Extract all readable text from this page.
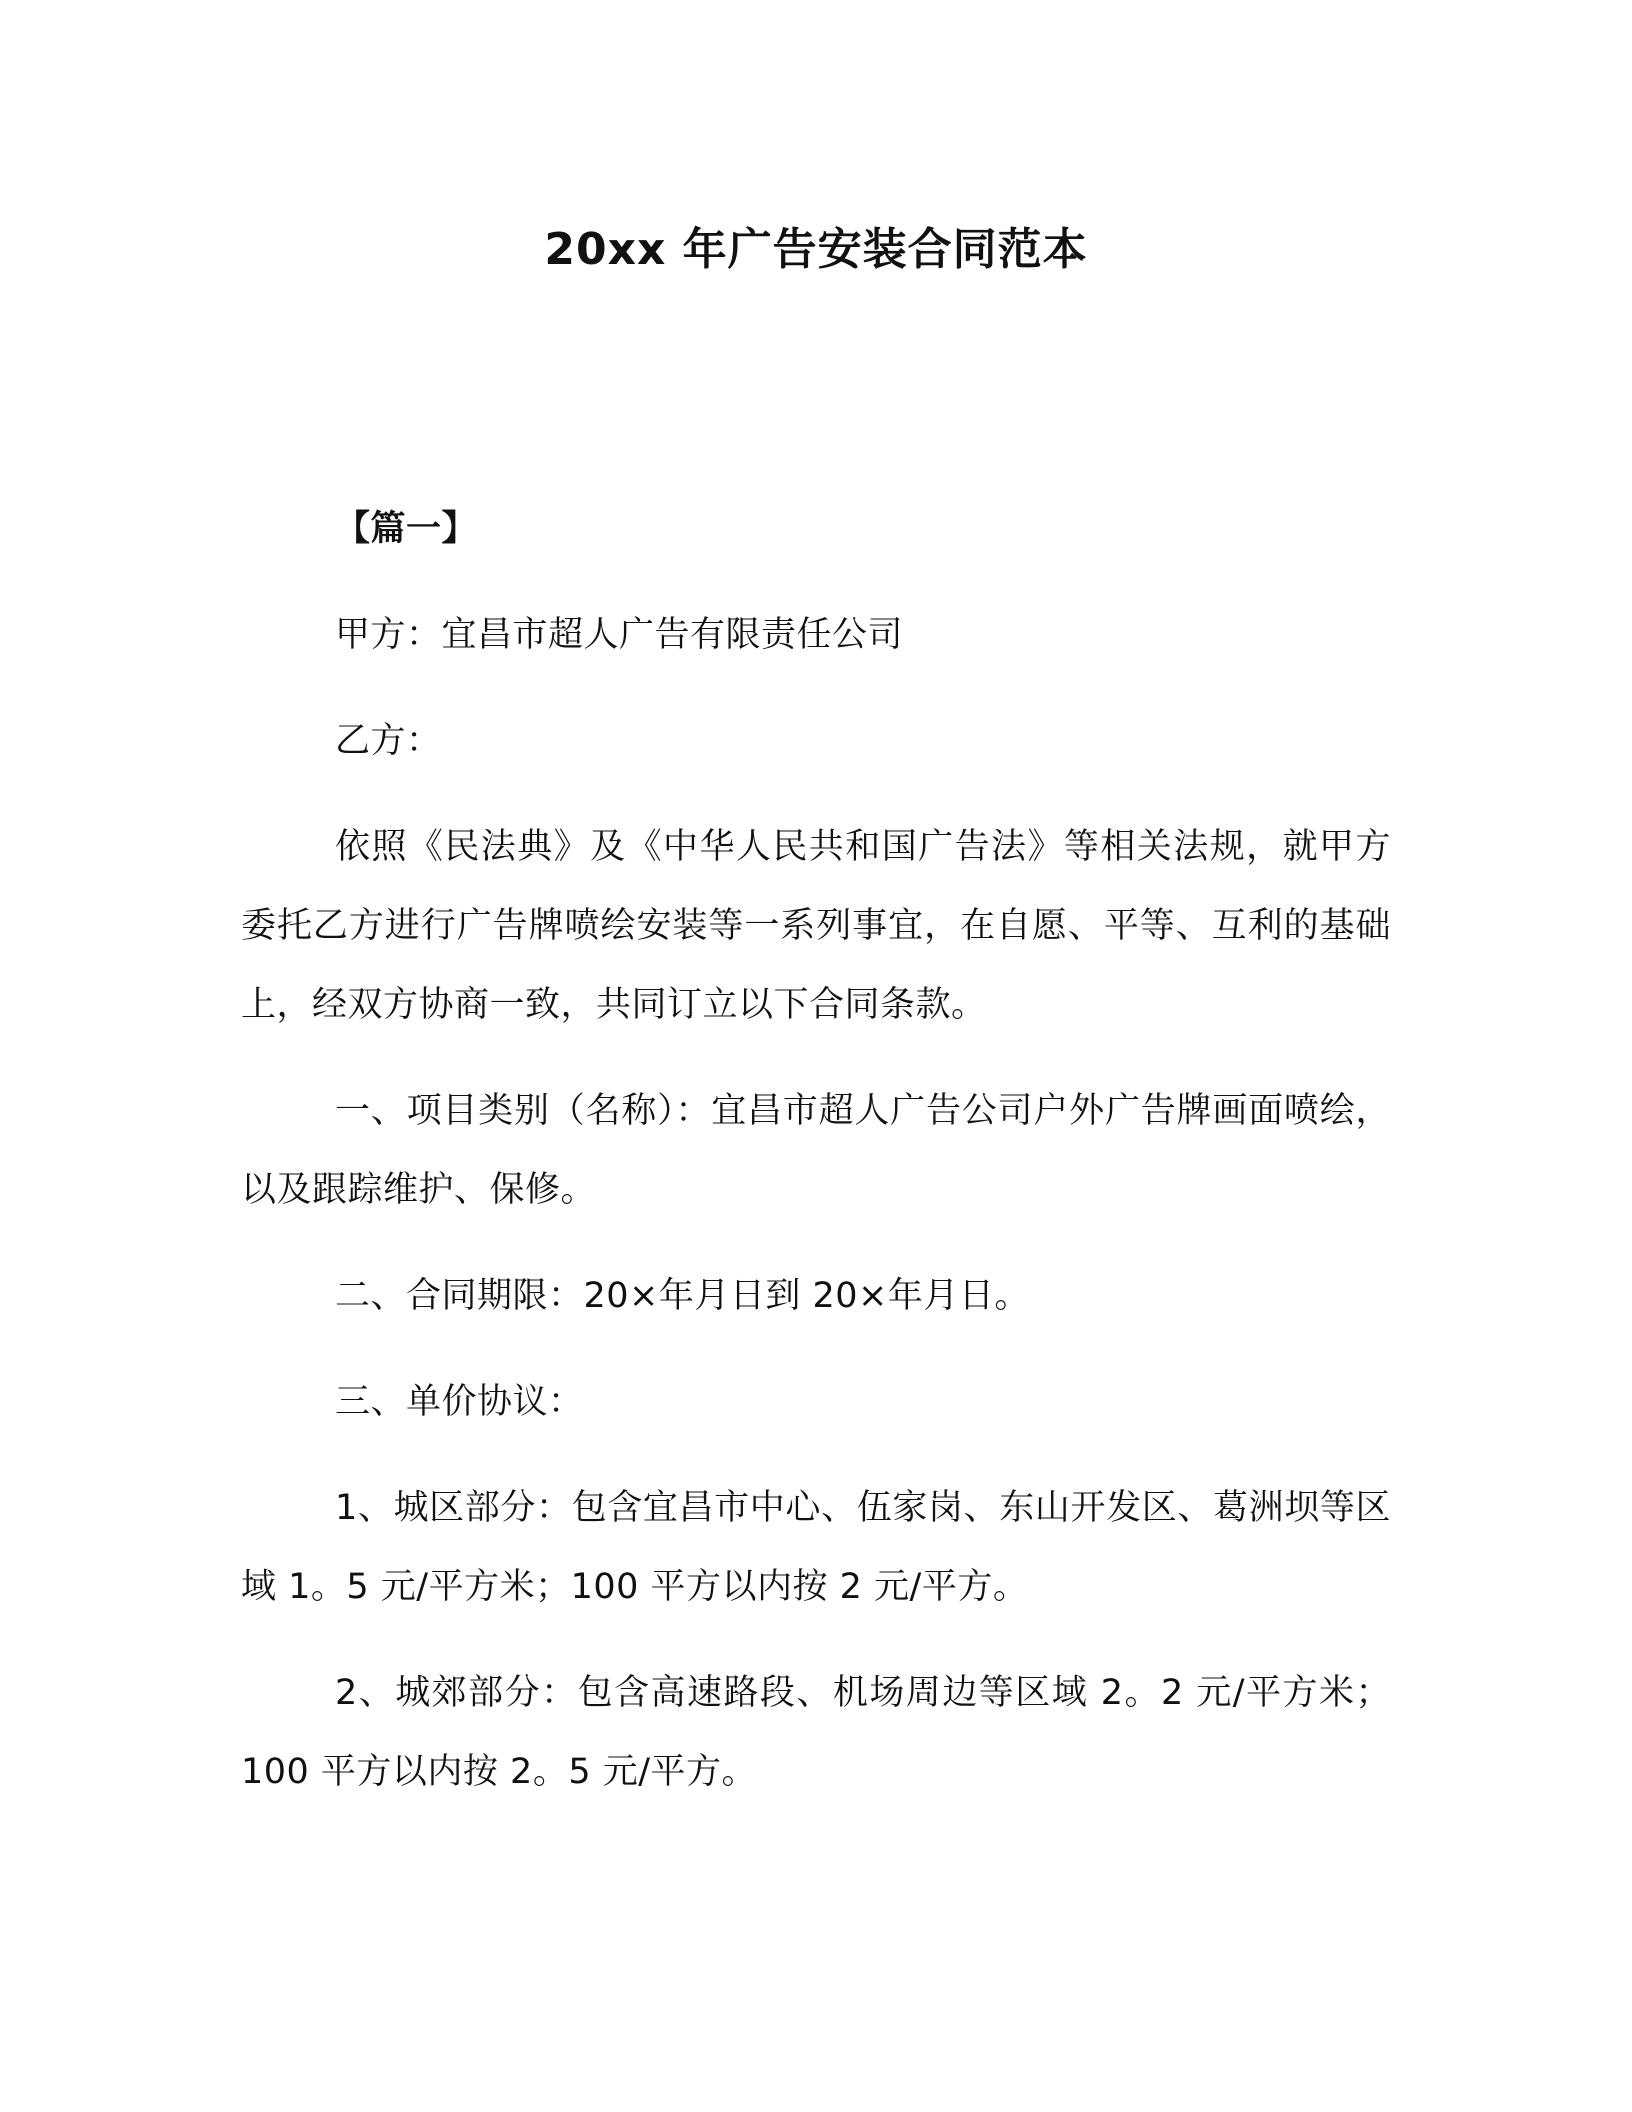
20xx 年广告安装合同范本

【篇一】

甲方：宜昌市超人广告有限责任公司

乙方：

依照《民法典》及《中华人民共和国广告法》等相关法规，就甲方委托乙方进行广告牌喷绘安装等一系列事宜，在自愿、平等、互利的基础上，经双方协商一致，共同订立以下合同条款。

一、项目类别（名称）：宜昌市超人广告公司户外广告牌画面喷绘，以及跟踪维护、保修。

二、合同期限：20×年月日到 20×年月日。

三、单价协议：

1、城区部分：包含宜昌市中心、伍家岗、东山开发区、葛洲坝等区域 1。5 元/平方米；100 平方以内按 2 元/平方。

2、城郊部分：包含高速路段、机场周边等区域 2。2 元/平方米；100 平方以内按 2。5 元/平方。
